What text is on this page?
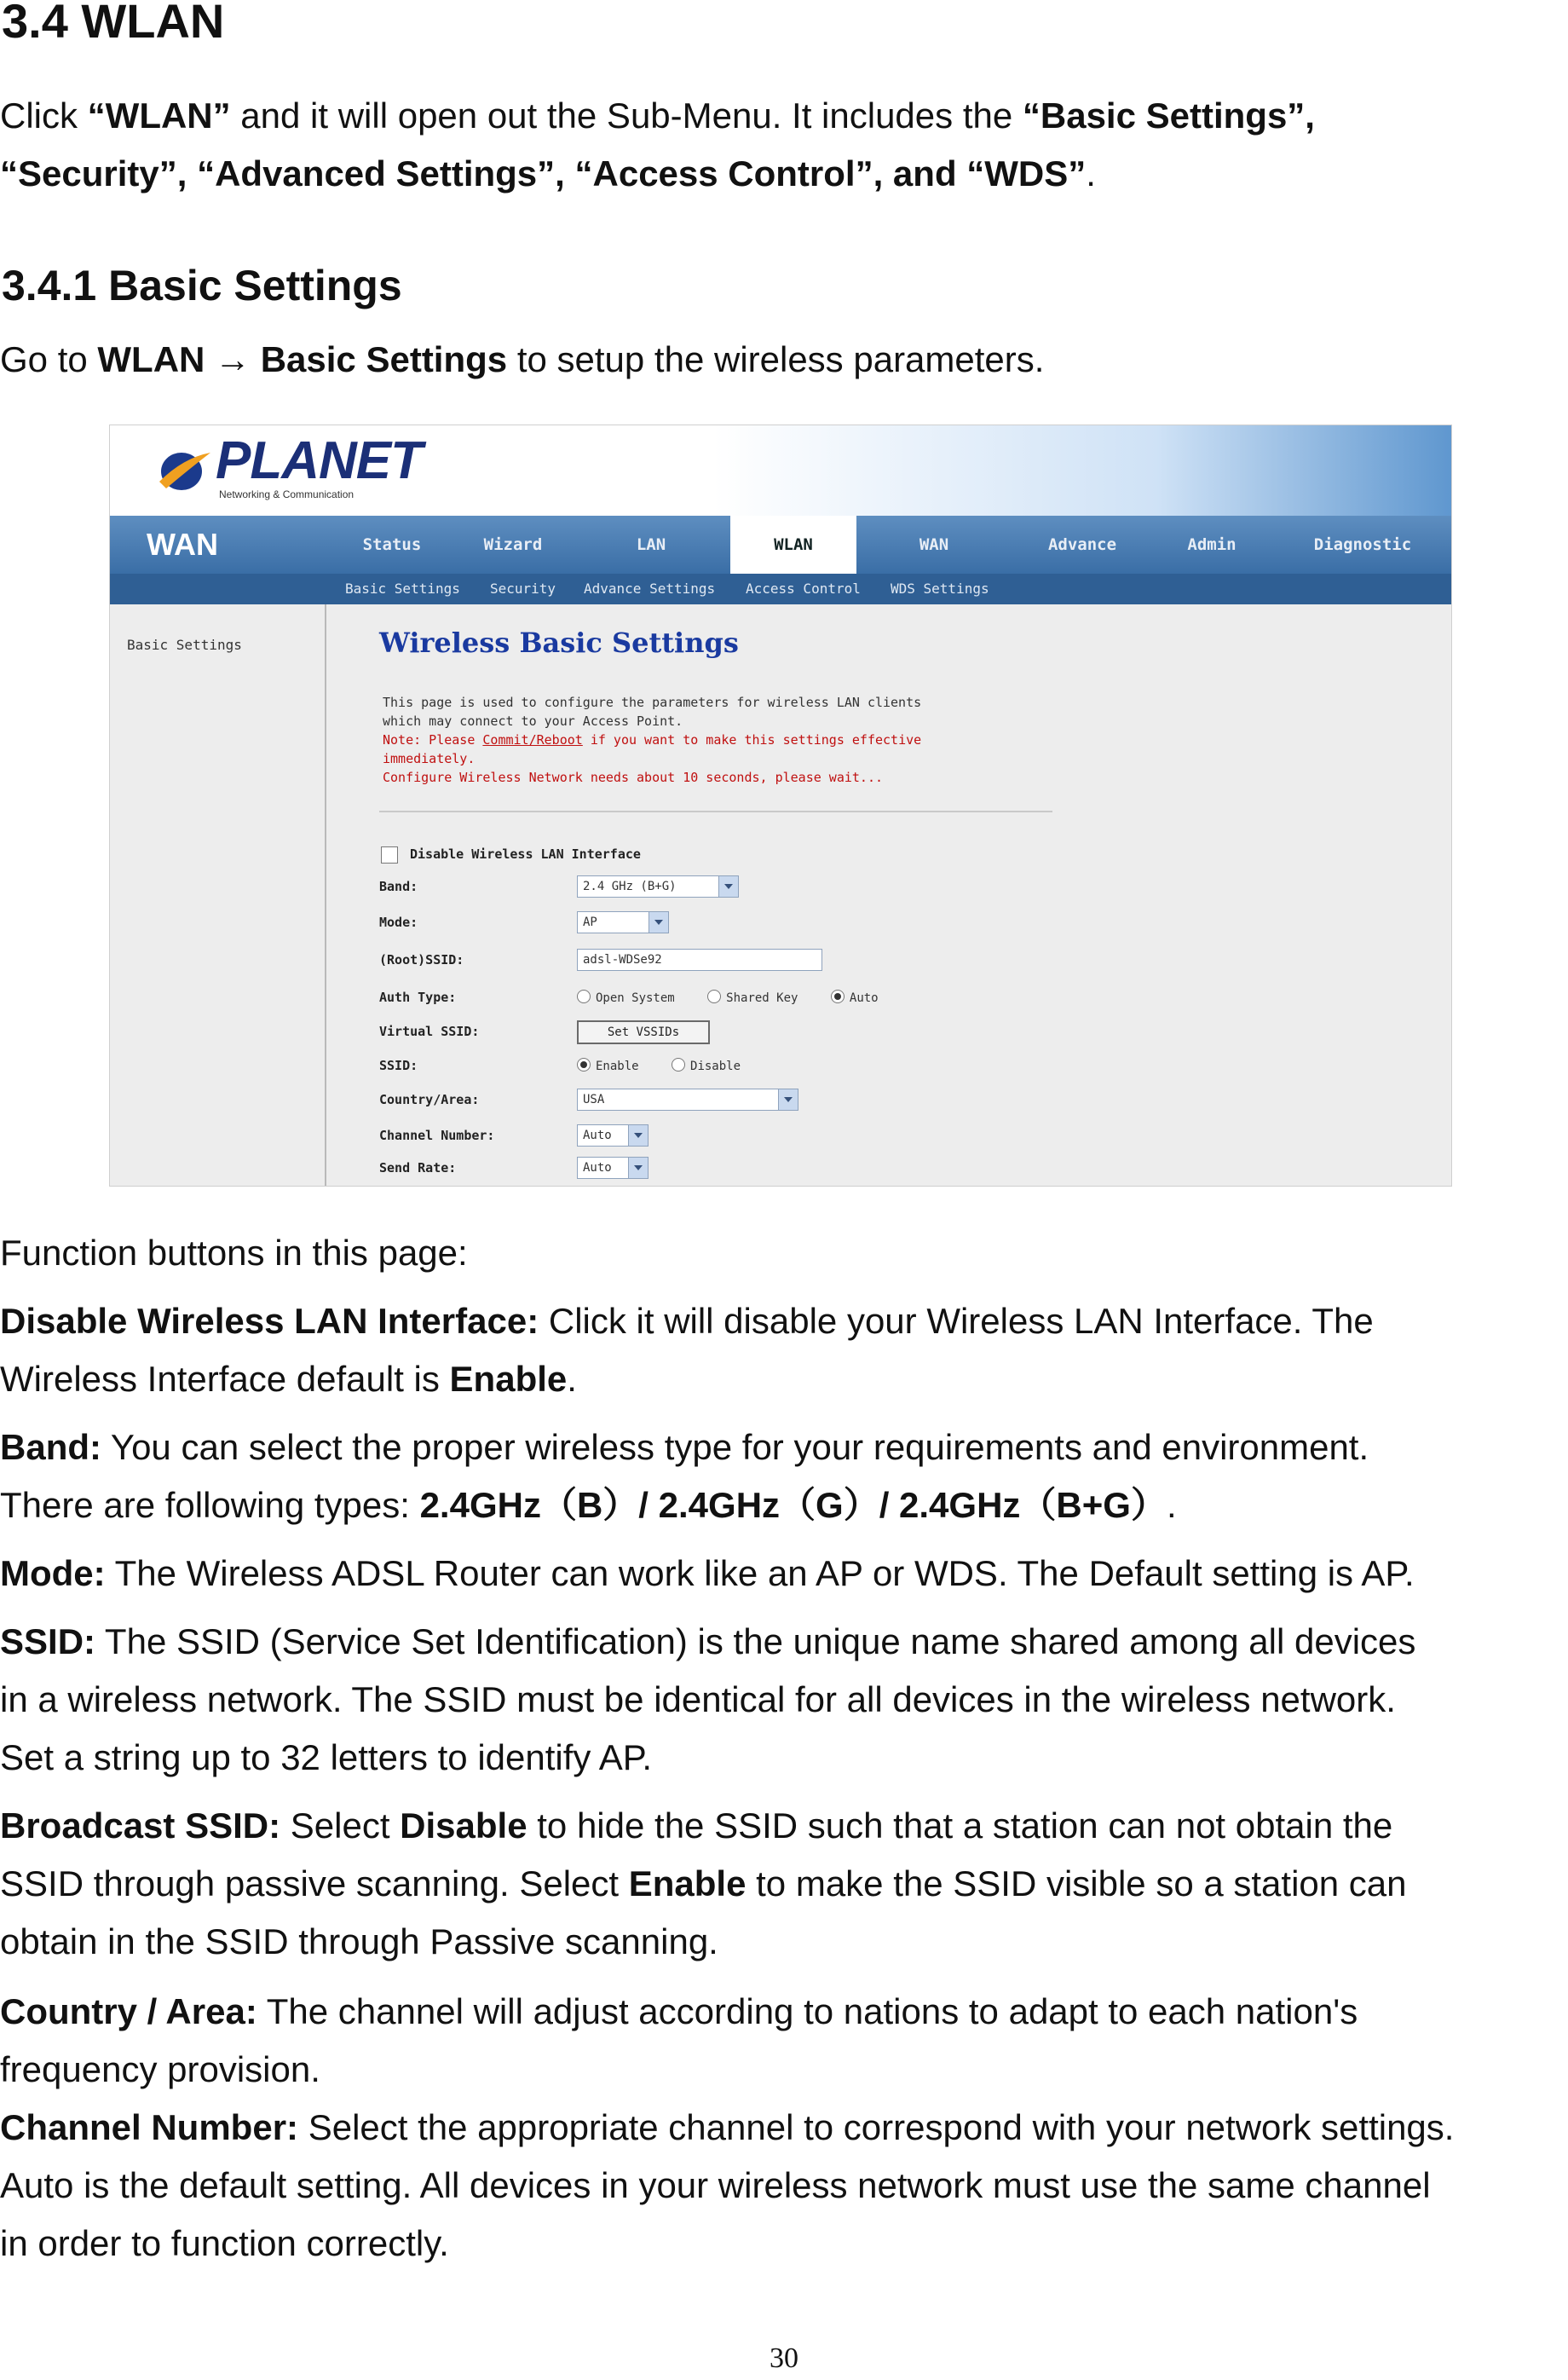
3.4 WLAN

Click “WLAN” and it will open out the Sub-Menu. It includes the “Basic Settings”,
“Security”, “Advanced Settings”, “Access Control”, and “WDS”.

3.4.1 Basic Settings

Go to WLAN → Basic Settings to setup the wireless parameters.

PLANET
Networking & Communication
WAN	Status	Wizard	LAN	WLAN	WAN	Advance	Admin	Diagnostic
Basic Settings Security Advance Settings Access Control WDS Settings
Basic Settings	Wireless Basic Settings
This page is used to configure the parameters for wireless LAN clients
which may connect to your Access Point.
Note: Please Commit/Reboot if you want to make this settings effective
immediately.
Configure Wireless Network needs about 10 seconds, please wait...
Disable Wireless LAN Interface
Band:	2.4 GHz (B+G)
Mode:	AP
(Root)SSID:	adsl-WDSe92
Auth Type:	Open System	Shared Key	Auto
Virtual SSID:	Set VSSIDs
SSID:	Enable	Disable
Country/Area:	USA
Channel Number:	Auto
Send Rate:	Auto

Function buttons in this page:

Disable Wireless LAN Interface: Click it will disable your Wireless LAN Interface. The
Wireless Interface default is Enable.

Band: You can select the proper wireless type for your requirements and environment.
There are following types: 2.4GHz（B）/ 2.4GHz（G）/ 2.4GHz（B+G）.

Mode: The Wireless ADSL Router can work like an AP or WDS. The Default setting is AP.

SSID: The SSID (Service Set Identification) is the unique name shared among all devices
in a wireless network. The SSID must be identical for all devices in the wireless network.
Set a string up to 32 letters to identify AP.

Broadcast SSID: Select Disable to hide the SSID such that a station can not obtain the
SSID through passive scanning. Select Enable to make the SSID visible so a station can
obtain in the SSID through Passive scanning.

Country / Area: The channel will adjust according to nations to adapt to each nation's
frequency provision.

Channel Number: Select the appropriate channel to correspond with your network settings.
Auto is the default setting. All devices in your wireless network must use the same channel
in order to function correctly.

30
